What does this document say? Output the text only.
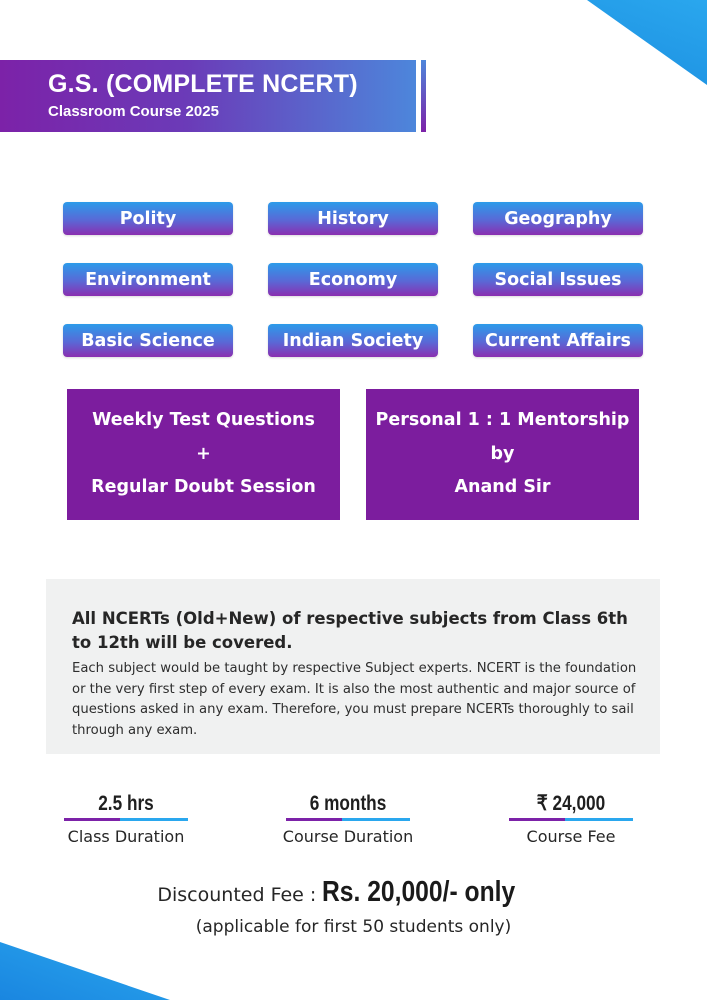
G.S. (COMPLETE NCERT)
Classroom Course 2025
Polity	History	Geography
Environment	Economy	Social Issues
Basic Science	Indian Society	Current Affairs
Weekly Test Questions
+
Regular Doubt Session
Personal 1 : 1 Mentorship
by
Anand Sir
All NCERTs (Old+New) of respective subjects from Class 6th to 12th will be covered.
Each subject would be taught by respective Subject experts. NCERT is the foundation or the very first step of every exam. It is also the most authentic and major source of questions asked in any exam. Therefore, you must prepare NCERTs thoroughly to sail through any exam.
2.5 hrs
Class Duration
6 months
Course Duration
₹ 24,000
Course Fee
Discounted Fee : Rs. 20,000/- only
(applicable for first 50 students only)
